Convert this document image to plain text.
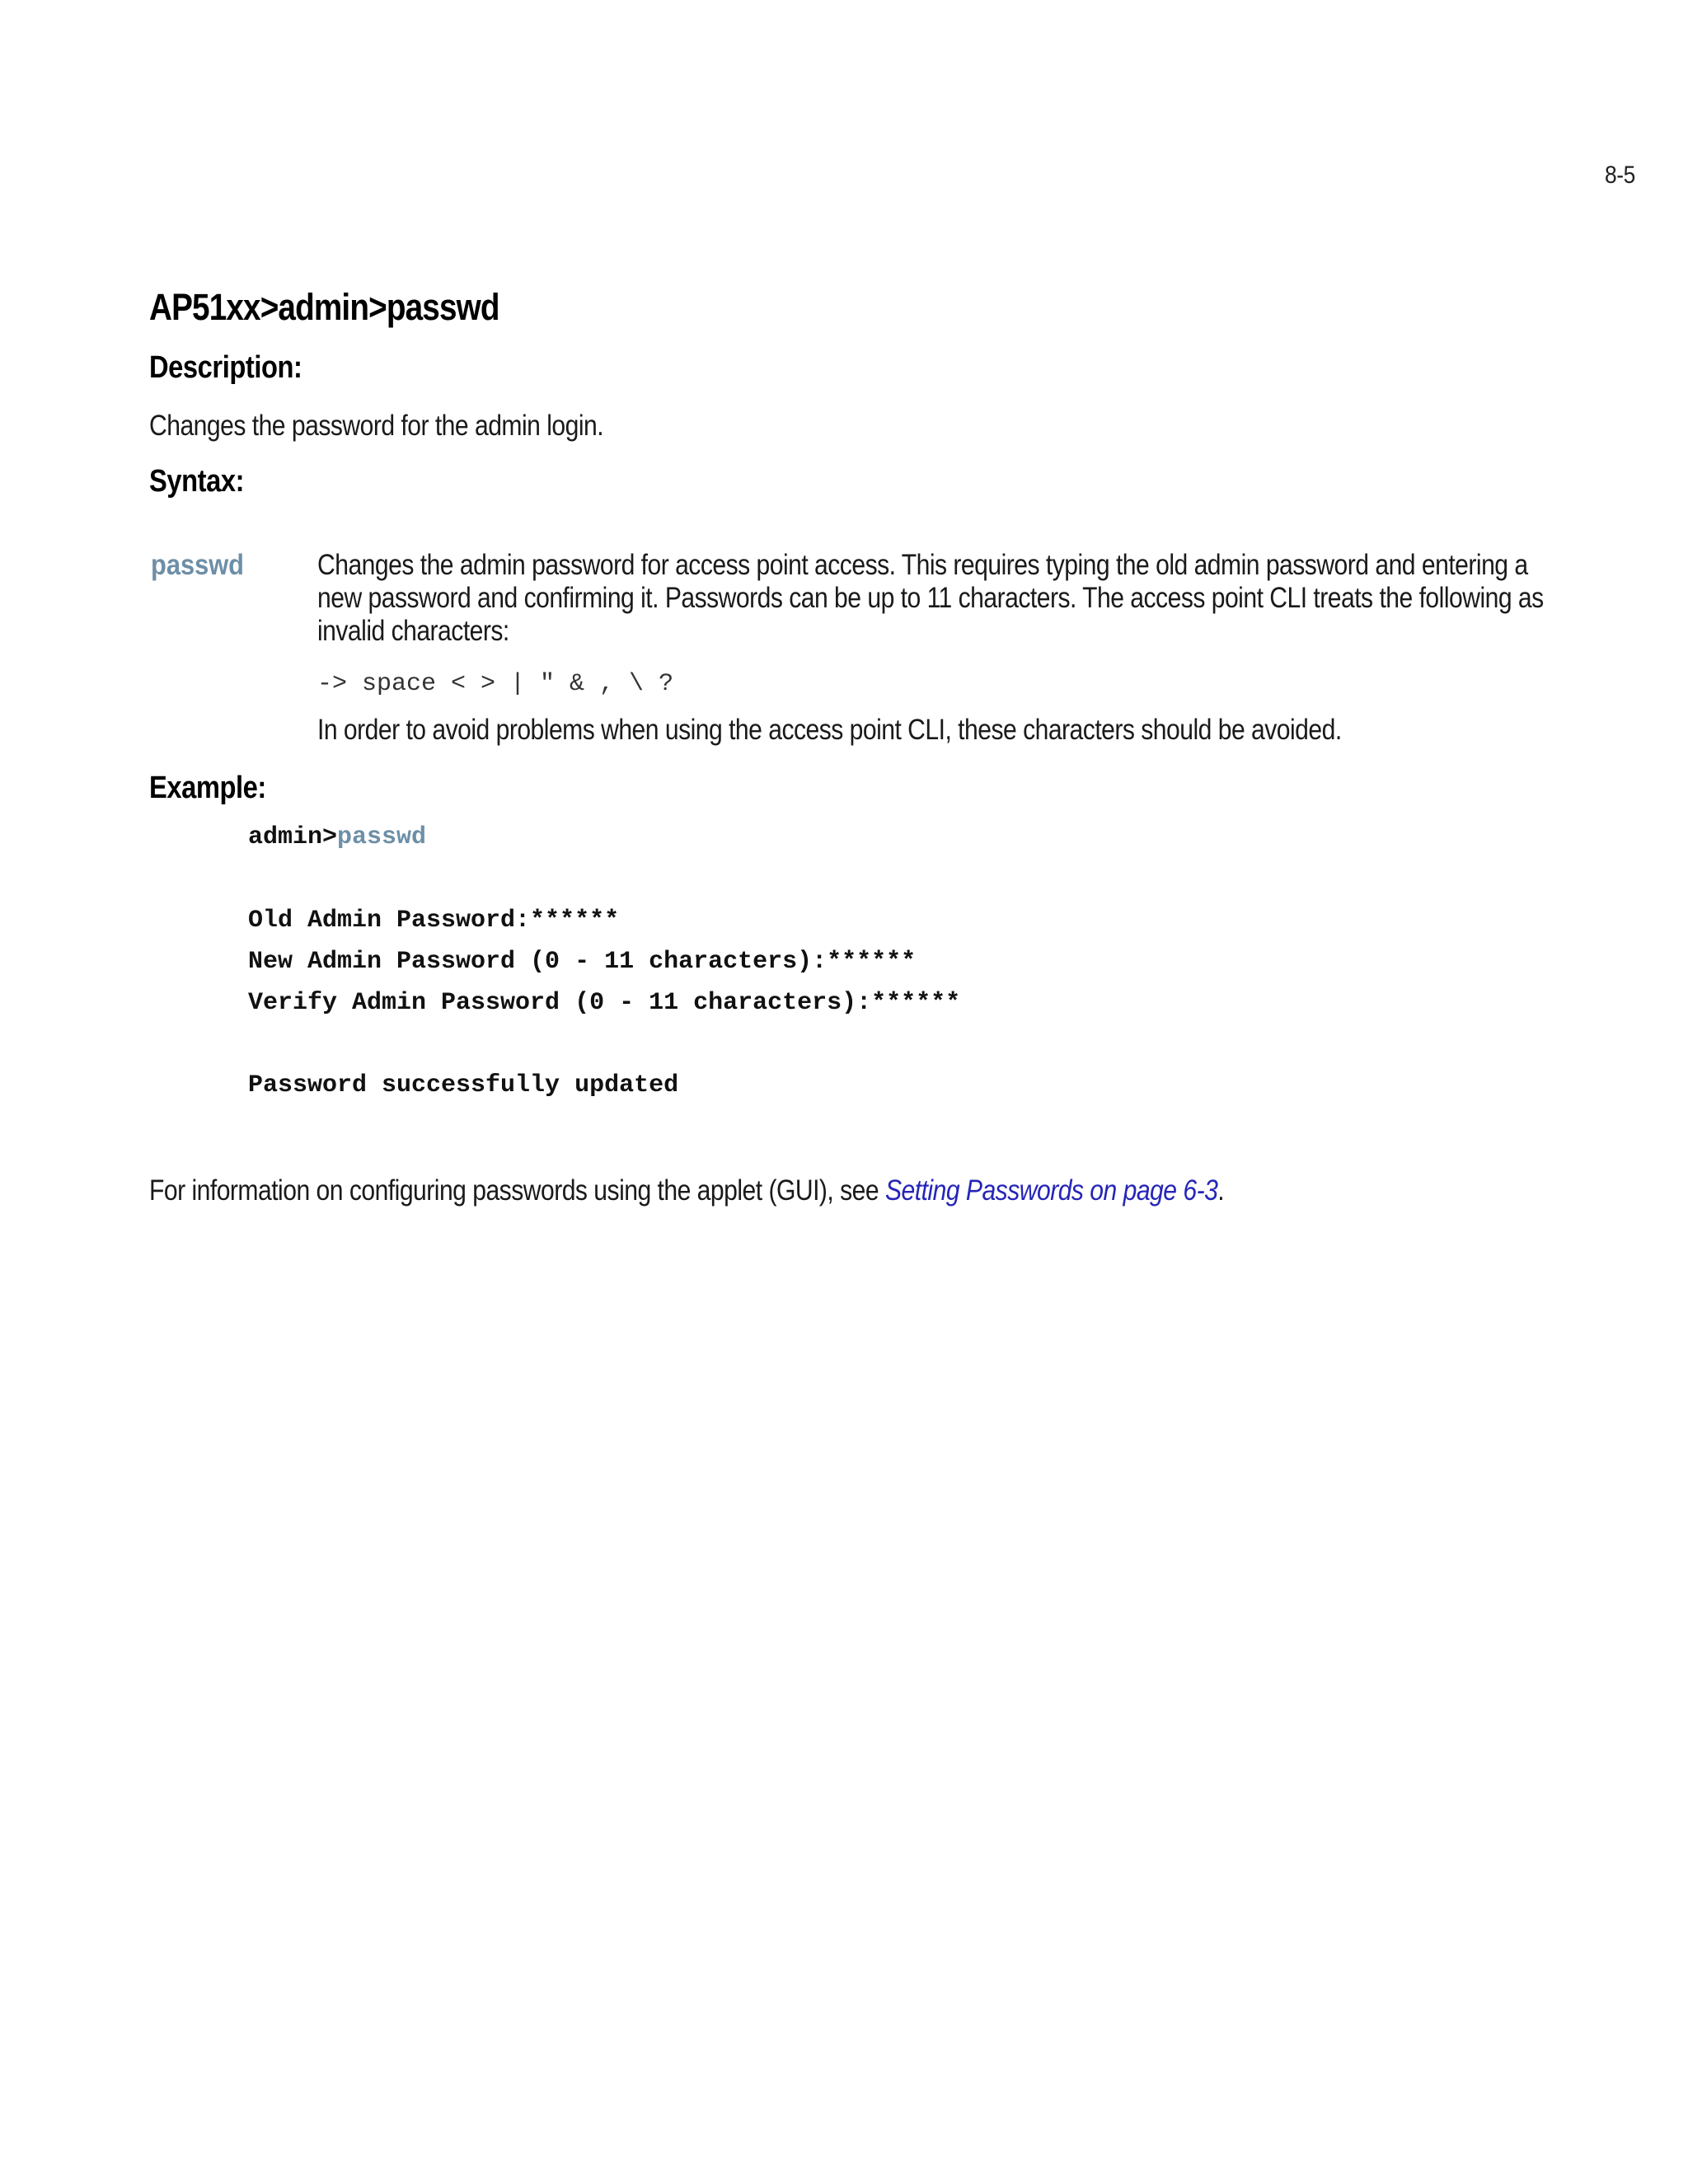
8-5
AP51xx>admin>passwd
Description:
Changes the password for the admin login.
Syntax:
passwd	Changes the admin password for access point access. This requires typing the old admin password and entering a

new password and confirming it. Passwords can be up to 11 characters. The access point CLI treats the following as

invalid characters:

-> space < > | " & , \ ?
In order to avoid problems when using the access point CLI, these characters should be avoided.
Example:
admin>passwd
Old Admin Password:******
New Admin Password (0 - 11 characters):******
Verify Admin Password (0 - 11 characters):******
Password successfully updated
For information on configuring passwords using the applet (GUI), see Setting Passwords on page 6-3.
